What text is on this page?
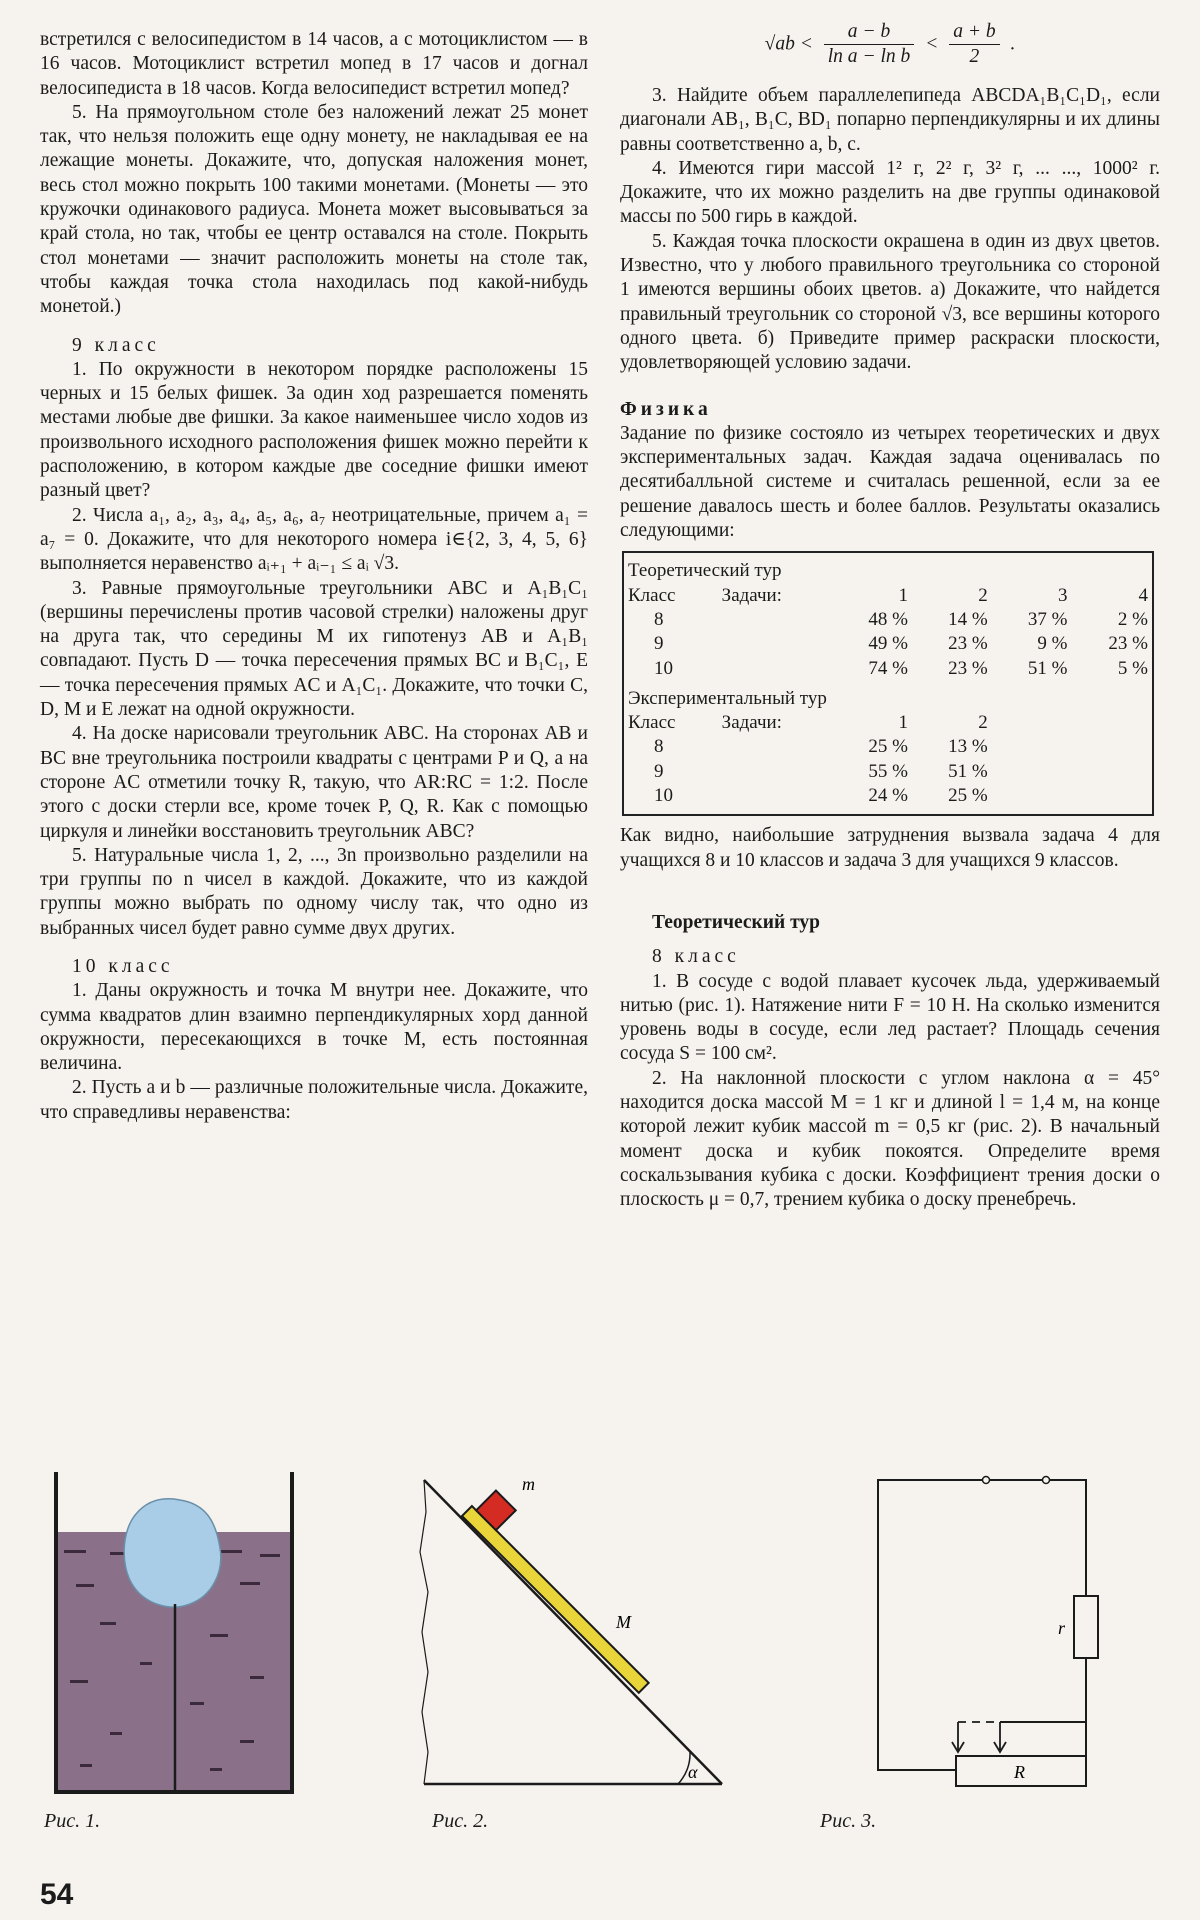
встретился с велосипедистом в 14 часов, а с мотоциклистом — в 16 часов. Мотоциклист встретил мопед в 17 часов и догнал велосипедиста в 18 часов. Когда велосипедист встретил мопед?

5. На прямоугольном столе без наложений лежат 25 монет так, что нельзя положить еще одну монету, не накладывая ее на лежащие монеты. Докажите, что, допуская наложения монет, весь стол можно покрыть 100 такими монетами. (Монеты — это кружочки одинакового радиуса. Монета может высовываться за край стола, но так, чтобы ее центр оставался на столе. Покрыть стол монетами — значит расположить монеты на столе так, чтобы каждая точка стола находилась под какой-нибудь монетой.)

9 класс

1. По окружности в некотором порядке расположены 15 черных и 15 белых фишек. За один ход разрешается поменять местами любые две фишки. За какое наименьшее число ходов из произвольного исходного расположения фишек можно перейти к расположению, в котором каждые две соседние фишки имеют разный цвет?

2. Числа a₁, a₂, a₃, a₄, a₅, a₆, a₇ неотрицательные, причем a₁ = a₇ = 0. Докажите, что для некоторого номера i∈{2, 3, 4, 5, 6} выполняется неравенство aᵢ₊₁ + aᵢ₋₁ ≤ aᵢ √3.

3. Равные прямоугольные треугольники ABC и A₁B₁C₁ (вершины перечислены против часовой стрелки) наложены друг на друга так, что середины M их гипотенуз AB и A₁B₁ совпадают. Пусть D — точка пересечения прямых BC и B₁C₁, E — точка пересечения прямых AC и A₁C₁. Докажите, что точки C, D, M и E лежат на одной окружности.

4. На доске нарисовали треугольник ABC. На сторонах AB и BC вне треугольника построили квадраты с центрами P и Q, а на стороне AC отметили точку R, такую, что AR:RC = 1:2. После этого с доски стерли все, кроме точек P, Q, R. Как с помощью циркуля и линейки восстановить треугольник ABC?

5. Натуральные числа 1, 2, ..., 3n произвольно разделили на три группы по n чисел в каждой. Докажите, что из каждой группы можно выбрать по одному числу так, что одно из выбранных чисел будет равно сумме двух других.

10 класс

1. Даны окружность и точка M внутри нее. Докажите, что сумма квадратов длин взаимно перпендикулярных хорд данной окружности, пересекающихся в точке M, есть постоянная величина.

2. Пусть a и b — различные положительные числа. Докажите, что справедливы неравенства:

$√ab < \frac{a - b}{\text{ln a − ln b}} < \frac{a + b}{2}$ .

3. Найдите объем параллелепипеда ABCDA₁B₁C₁D₁, если диагонали AB₁, B₁C, BD₁ попарно перпендикулярны и их длины равны соответственно a, b, c.

4. Имеются гири массой 1² г, 2² г, 3² г, ... ..., 1000² г. Докажите, что их можно разделить на две группы одинаковой массы по 500 гирь в каждой.

5. Каждая точка плоскости окрашена в один из двух цветов. Известно, что у любого правильного треугольника со стороной 1 имеются вершины обоих цветов. а) Докажите, что найдется правильный треугольник со стороной √3, все вершины которого одного цвета. б) Приведите пример раскраски плоскости, удовлетворяющей условию задачи.

Физика

Задание по физике состояло из четырех теоретических и двух экспериментальных задач. Каждая задача оценивалась по десятибалльной системе и считалась решенной, если за ее решение давалось шесть и более баллов. Результаты оказались следующими:

Теоретический тур					
Класс	Задачи:	1	2	3	4
8		48 %	14 %	37 %	2 %
9		49 %	23 %	9 %	23 %
10		74 %	23 %	51 %	5 %
Экспериментальный тур					
Класс	Задачи:	1	2		
8		25 %	13 %		
9		55 %	51 %		
10		24 %	25 %		

Как видно, наибольшие затруднения вызвала задача 4 для учащихся 8 и 10 классов и задача 3 для учащихся 9 классов.

Теоретический тур

8 класс

1. В сосуде с водой плавает кусочек льда, удерживаемый нитью (рис. 1). Натяжение нити F = 10 Н. На сколько изменится уровень воды в сосуде, если лед растает? Площадь сечения сосуда S = 100 см².

2. На наклонной плоскости с углом наклона α = 45° находится доска массой M = 1 кг и длиной l = 1,4 м, на конце которой лежит кубик массой m = 0,5 кг (рис. 2). В начальный момент доска и кубик покоятся. Определите время соскальзывания кубика с доски. Коэффициент трения доски о плоскость μ = 0,7, трением кубика о доску пренебречь.

m
M
α
r
R
Рис. 1.	Рис. 2.	Рис. 3.
54
